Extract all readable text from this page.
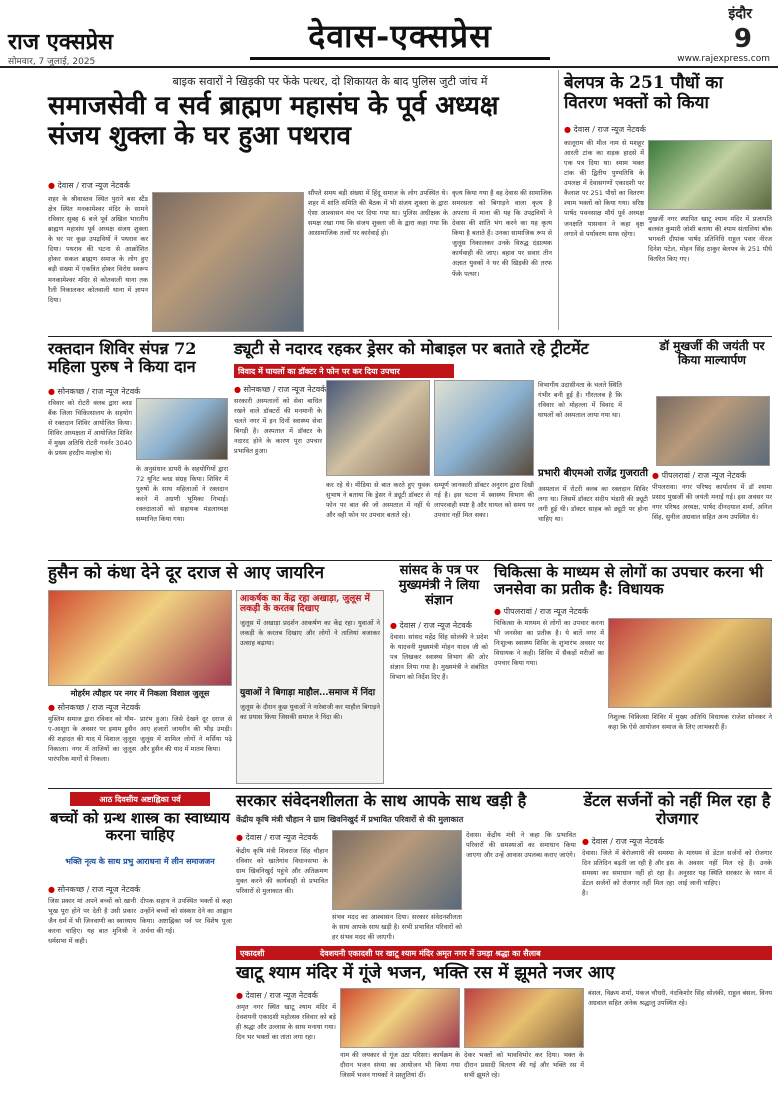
राज एक्सप्रेस
सोमवार, 7 जुलाई, 2025
देवास-एक्सप्रेस
इंदौर
9
www.rajexpress.com
बाइक सवारों ने खिड़की पर फेंके पत्थर, दो शिकायत के बाद पुलिस जुटी जांच में
समाजसेवी व सर्व ब्राह्मण महासंघ के पूर्व अध्यक्ष संजय शुक्ला के घर हुआ पथराव
● देवास / राज न्यूज नेटवर्क
शहर के श्रीवास्तव स्थित पुराने बस स्टैंड क्षेत्र स्थित मनकामेश्वर मंदिर के सामने रविवार सुबह 6 बजे पूर्व अखिल भारतीय ब्राह्मण महासंघ पूर्व अध्यक्ष संजय शुक्ला के घर पर कुछ उपद्रवियों ने पथराव कर दिया। पथराव की घटना से आक्रोशित होकर सकल ब्राह्मण समाज के लोग हुए बड़ी संख्या में एकत्रित होकर विरोध स्वरूप मनकामेश्वर मंदिर से कोतवाली थाना तक रैली निकालकर कोतवाली थाना में ज्ञापन दिया।
सौंपते समय बड़ी संख्या में हिंदू समाज के लोग उपस्थित थे। शहर में शांति समिति की बैठक में भी संजय शुक्ला के द्वारा ऐसा आश्वासन मंच पर दिया गया था। पुलिस अधीक्षक के समक्ष रखा गया कि संजय शुक्ला जी के द्वारा कहा गया कि आसामाजिक तत्वों पर कार्रवाई हो।
कृत्य किया गया है वह देवास की सामाजिक समरसता को बिगाड़ने वाला कृत्य है अपराध में माना की यह कि उपद्रवियों ने देवास की शांति भंग करने का यह कृत्य किया है बताते हैं। उनका सामाजिक रूप से जुलूस निकालकर उनके विरुद्ध दंडात्मक कार्यवाही की जाए। बहाव पर सवार तीन अज्ञात युवकों ने घर की खिड़की की तरफ फेंके पत्थर।
बेलपत्र के 251 पौधों का वितरण भक्तों को किया
● देवास / राज न्यूज नेटवर्क
कालूराम की मील नाम से मशहूर आरती टांक का सड़क हादसे में एक पत्र दिया था। स्याम भक्त टांक की द्वितीय पुण्यतिथि के उपलक्ष में देवासगणों एकादशी पर कैलाश पर 251 पौधों का वितरण श्याम भक्तों को किया गया। वरिष्ठ पार्षद पवनसाक्ष मौर्य पूर्व अध्यक्ष जनक्षति पासवान ने कहा वृक्ष लगाने से पर्यावरण साफ रहेगा।
मुखर्जी नगर स्थापित खाटू श्याम मंदिर में प्रजापति बलवंत कुमारी जोशी बताया की श्याम संतालियां बॉक भगवती दीपांक पार्षद प्रतिनिधि राहुल पवार नीरज दिनेश पटेल, मोहन सिंह ठाकुर बेलपत्र के 251 पौधे वितरित किए गए।
रक्तदान शिविर संपन्न 72 महिला पुरुष ने किया दान
● सोनकच्छ / राज न्यूज नेटवर्क
रविवार को रोटरी क्लब द्वारा ब्लड बैंक जिला चिकित्सालय के सहयोग से रक्तदान शिविर आयोजित किया। शिविर अध्यक्षता में आयोजित शिविर में मुख्य अतिथि रोटरी गवर्नर 3040 के प्रथम हरदीप मल्होत्रा थे।
के अनुसंधान डायरी के सहयोगियों द्वारा 72 यूनिट ब्लड संग्रह किया। शिविर में पुरुषों के साथ महिलाओं ने रक्तदान करने में अग्रणी भूमिका निभाई। रक्तदाताओं को सहायक मंडलाध्यक्ष सम्मानित किया गया।
ड्यूटी से नदारद रहकर ड्रेसर को मोबाइल पर बताते रहे ट्रीटमेंट
विवाद में घायलों का डॉक्टर ने फोन पर कर दिया उपचार
● सोनकच्छ / राज न्यूज नेटवर्क
सरकारी अस्पतालों को सेवा बाधित रखने वाले डॉक्टरों की मनमानी के चलते नगर में इन दिनों स्वास्थ्य सेवा बिगड़ी है। अस्पताल में डॉक्टर के नदारद होने के कारण पूरा उपचार प्रभावित हुआ।
कर रहे थे। मीडिया से बात करते हुए युवक सुभाष ने बताया कि ड्रेसर ने ड्यूटी डॉक्टर से फोन पर बात की जो अस्पताल में नहीं थे और वही फोन पर उपचार बताते रहे।
सम्पूर्ण जानकारी डॉक्टर अनुराग द्वारा दिखी गई है। इस घटना में स्वास्थ्य विभाग की लापरवाही स्पष्ट है और घायल को समय पर उपचार नहीं मिल सका।
विभागीय उदासीनता के चलते स्थिति गंभीर बनी हुई है। गौरतलब है कि रविवार को मोहल्ला में विवाद में घायलों को अस्पताल लाया गया था।
प्रभारी बीएमओ राजेंद्र गुजराती
अस्पताल में रोटरी क्लब का रक्तदान शिविर लगा था। जिसमें डॉक्टर संदीप भंडारी की ड्यूटी लगी हुई थी। डॉक्टर साहब को ड्यूटी पर होना चाहिए था।
डॉ मुखर्जी की जयंती पर किया माल्यार्पण
● पीपलरावां / राज न्यूज नेटवर्क
पीपलरावा। नगर परिषद कार्यालय में डॉ श्यामा प्रसाद मुखर्जी की जयंती मनाई गई। इस अवसर पर नगर परिषद अध्यक्ष, पार्षद दीनदयाल शर्मा, अनिल सिंह, सुनील अग्रवाल सहित अन्य उपस्थित थे।
हुसैन को कंधा देने दूर दराज से आए जायरिन
मोहर्रम त्यौहार पर नगर में निकला विशाल जुलूस
● सोनकच्छ / राज न्यूज नेटवर्क
मुस्लिम समाज द्वारा रविवार को यौम-ए-आशूरा के अवसर पर इमाम हुसैन की शहादत की याद में विशाल जुलूस निकाला। नगर में ताजियों का जुलूस पारंपरिक मार्गों से निकला।
प्रारंभ हुआ। जिसे देखने दूर दराज से आए हजारों जायरीन की भीड़ उमड़ी। जुलूस में शामिल लोगों ने मर्सिया पढ़े और हुसैन की याद में मातम किया।
आकर्षक का केंद्र रहा अखाड़ा, जुलूस में लकड़ी के करतब दिखाए
जुलूस में अखाड़ा प्रदर्शन आकर्षण का केंद्र रहा। युवाओं ने लकड़ी के करतब दिखाए और लोगों ने तालियां बजाकर उत्साह बढ़ाया।
युवाओं ने बिगाड़ा माहौल...समाज में निंदा
जुलूस के दौरान कुछ युवाओं ने नारेबाजी कर माहौल बिगाड़ने का प्रयास किया जिसकी समाज ने निंदा की।
सांसद के पत्र पर मुख्यमंत्री ने लिया संज्ञान
● देवास / राज न्यूज नेटवर्क
देवास। सांसद महेंद्र सिंह सोलंकी ने प्रदेश के यादवनी मुख्यमंत्री मोहन यादव जी को पत्र लिखकर स्वास्थ्य विभाग की ओर संज्ञान लिया गया है। मुख्यमंत्री ने संबंधित विभाग को निर्देश दिए हैं।
चिकित्सा के माध्यम से लोगों का उपचार करना भी जनसेवा का प्रतीक है: विधायक
● पीपलरावां / राज न्यूज नेटवर्क
चिकित्सा के माध्यम से लोगों का उपचार करना भी जनसेवा का प्रतीक है। ये बातें नगर में निःशुल्क स्वास्थ्य शिविर के शुभारंभ अवसर पर विधायक ने कही। शिविर में सैकड़ों मरीजों का उपचार किया गया।
निशुल्क चिकित्सा शिविर में मुख्य अतिथि विधायक राजेश सोनकर ने कहा कि ऐसे आयोजन समाज के लिए लाभकारी हैं।
आठ दिवसीय अष्टाह्निका पर्व
बच्चों को ग्रन्थ शास्त्र का स्वाध्याय करना चाहिए
भक्ति नृत्य के साथ प्रभु आराधना में लीन समाजजन
● सोनकच्छ / राज न्यूज नेटवर्क
जिस प्रकार मां अपने बच्चों को खानी भूख पूरा होने पर देती है उसी प्रकार जैन धर्म में भी जिनवाणी का स्वाध्याय करना चाहिए। यह बात मुनिश्री ने धर्मसभा में कही।
दीपक सहाय ने उपस्थित भक्तों से कहा उन्होंने बच्चों को संस्कार देने का आह्वान किया। अष्टाह्निका पर्व पर विशेष पूजा अर्चना की गई।
सरकार संवेदनशीलता के साथ आपके साथ खड़ी है
केंद्रीय कृषि मंत्री चौहान ने ग्राम खिवनिखुर्द में प्रभावित परिवारों से की मुलाकात
● देवास / राज न्यूज नेटवर्क
केंद्रीय कृषि मंत्री शिवराज सिंह चौहान रविवार को खातेगांव विधानसभा के ग्राम खिवनिखुर्द पहुंचे और अतिक्रमण मुक्त करने की कार्यवाही से प्रभावित परिवारों से मुलाकात की।
संभव मदद का आश्वासन दिया। सरकार संवेदनशीलता के साथ आपके साथ खड़ी है। सभी प्रभावित परिवारों को हर संभव मदद की जाएगी।
देवास। केंद्रीय मंत्री ने कहा कि प्रभावित परिवारों की समस्याओं का समाधान किया जाएगा और उन्हें आवास उपलब्ध कराए जाएंगे।
डेंटल सर्जनों को नहीं मिल रहा है रोजगार
● देवास / राज न्यूज नेटवर्क
देवास। जिले में बेरोजगारी की समस्या दिन प्रतिदिन बढ़ती जा रही है और इस समस्या का समाधान नहीं हो रहा है। डेंटल सर्जनों को रोजगार नहीं मिल रहा है।
के माध्यम से डेंटल सर्जनों को रोजगार के अवसर नहीं मिल रहे हैं। उनके अनुसार यह स्थिति सरकार के ध्यान में लाई जानी चाहिए।
एकादशी	देवशयनी एकादशी पर खाटू श्याम मंदिर अमृत नगर में उमड़ा श्रद्धा का सैलाब
खाटू श्याम मंदिर में गूंजे भजन, भक्ति रस में झूमते नजर आए
● देवास / राज न्यूज नेटवर्क
अमृत नगर स्थित खाटू श्याम मंदिर में देवशयनी एकादशी महोत्सव रविवार को बड़े ही श्रद्धा और उल्लास के साथ मनाया गया। दिन भर भक्तों का तांता लगा रहा।
नाम की जयकार से गूंज उठा परिसर। कार्यक्रम के दौरान भजन संध्या का आयोजन भी किया गया जिसमें भजन गायकों ने प्रस्तुतियां दीं।
देकर भक्तों को भावविभोर कर दिया। भक्त के दौरान प्रसादी वितरण की गई और भक्ति रस में सभी झूमते रहे।
बंसल, विक्रम शर्मा, पंकज चौधरी, नंदकिशोर सिंह सोलंकी, राहुल बंसल, विनय अग्रवाल सहित अनेक श्रद्धालु उपस्थित रहे।
